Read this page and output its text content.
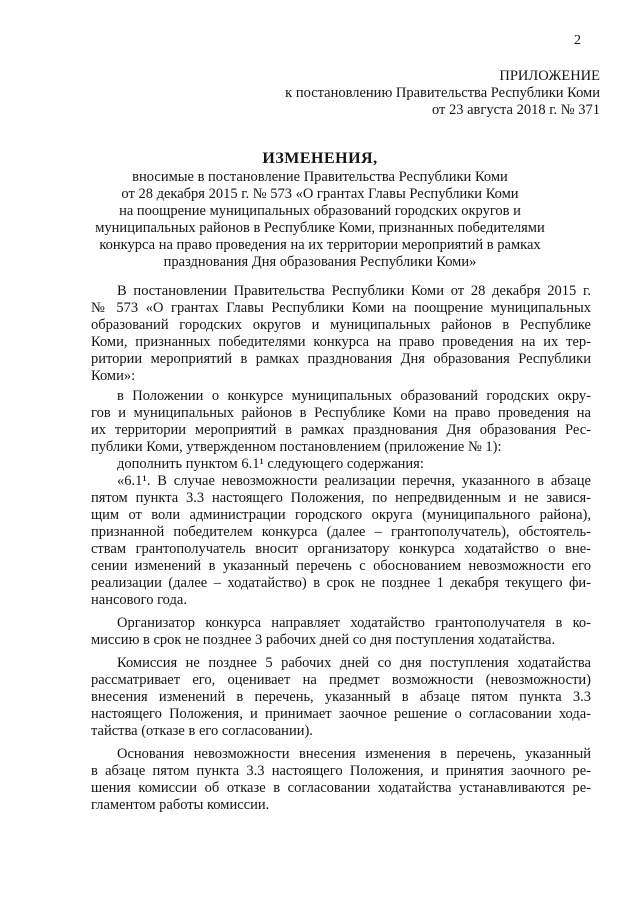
2
ПРИЛОЖЕНИЕ
к постановлению Правительства Республики Коми
от 23 августа 2018 г. № 371
ИЗМЕНЕНИЯ,
вносимые в постановление Правительства Республики Коми
от 28 декабря 2015 г. № 573 «О грантах Главы Республики Коми
на поощрение муниципальных образований городских округов и
муниципальных районов в Республике Коми, признанных победителями
конкурса на право проведения на их территории мероприятий в рамках
празднования Дня образования Республики Коми»

В постановлении Правительства Республики Коми от 28 декабря 2015 г.
№ 573 «О грантах Главы Республики Коми на поощрение муниципальных
образований городских округов и муниципальных районов в Республике
Коми, признанных победителями конкурса на право проведения на их тер-
ритории мероприятий в рамках празднования Дня образования Республики
Коми»:

в Положении о конкурсе муниципальных образований городских окру-
гов и муниципальных районов в Республике Коми на право проведения на
их территории мероприятий в рамках празднования Дня образования Рес-
публики Коми, утвержденном постановлением (приложение № 1):

дополнить пунктом 6.1¹ следующего содержания:

«6.1¹. В случае невозможности реализации перечня, указанного в абзаце
пятом пункта 3.3 настоящего Положения, по непредвиденным и не завися-
щим от воли администрации городского округа (муниципального района),
признанной победителем конкурса (далее – грантополучатель), обстоятель-
ствам грантополучатель вносит организатору конкурса ходатайство о вне-
сении изменений в указанный перечень с обоснованием невозможности его
реализации (далее – ходатайство) в срок не позднее 1 декабря текущего фи-
нансового года.

Организатор конкурса направляет ходатайство грантополучателя в ко-
миссию в срок не позднее 3 рабочих дней со дня поступления ходатайства.

Комиссия не позднее 5 рабочих дней со дня поступления ходатайства
рассматривает его, оценивает на предмет возможности (невозможности)
внесения изменений в перечень, указанный в абзаце пятом пункта 3.3
настоящего Положения, и принимает заочное решение о согласовании хода-
тайства (отказе в его согласовании).

Основания невозможности внесения изменения в перечень, указанный
в абзаце пятом пункта 3.3 настоящего Положения, и принятия заочного ре-
шения комиссии об отказе в согласовании ходатайства устанавливаются ре-
гламентом работы комиссии.
